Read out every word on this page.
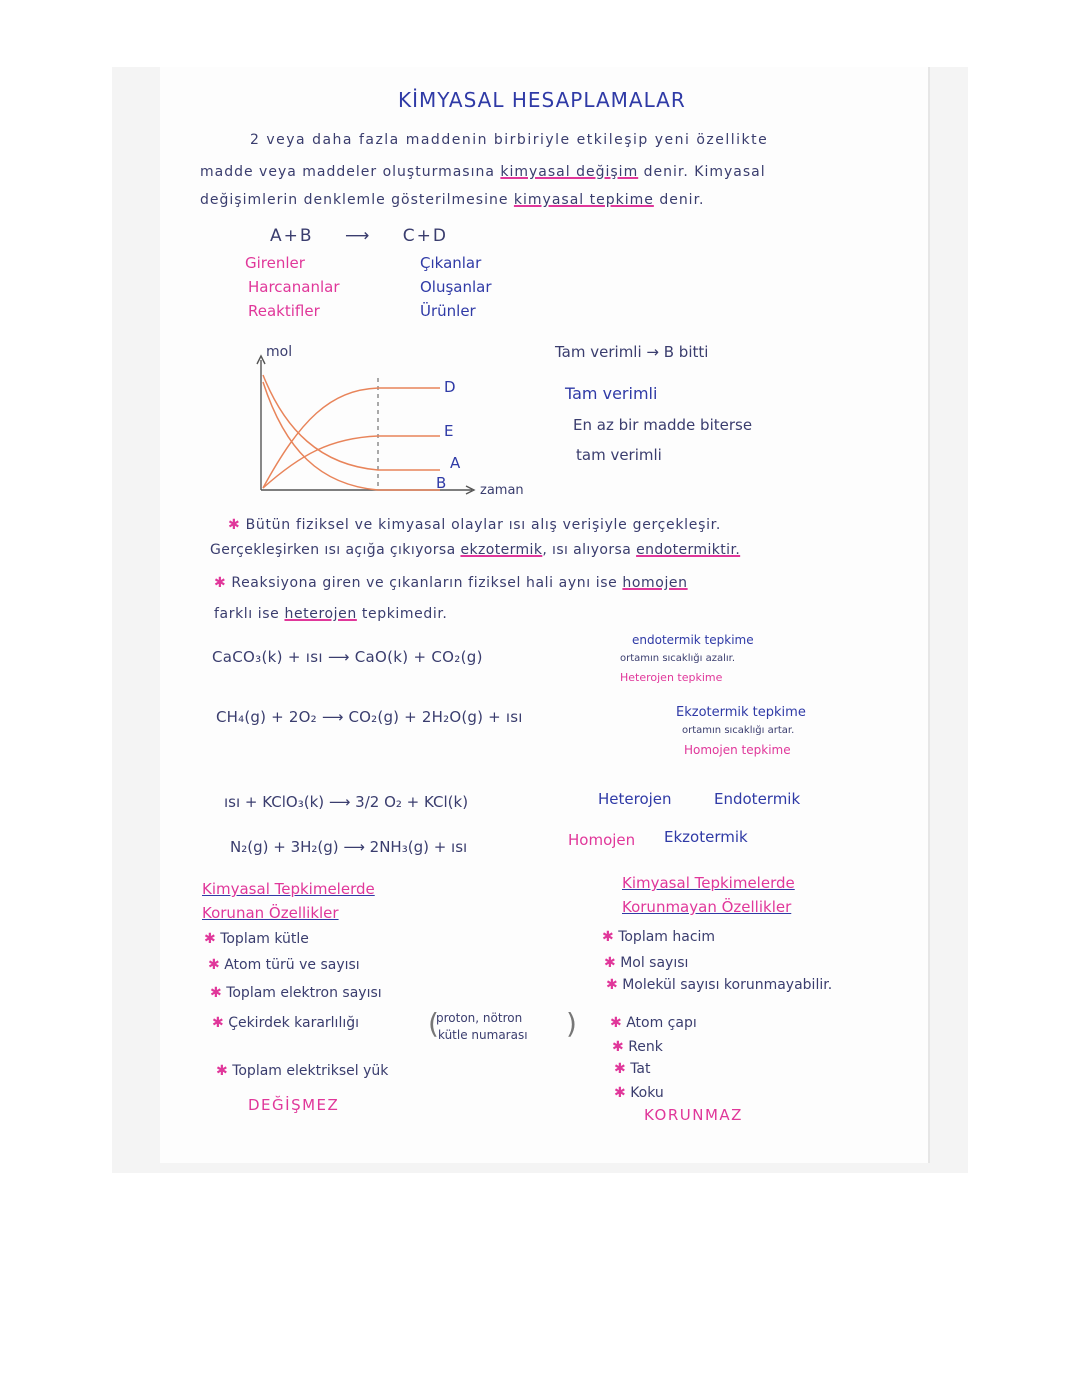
KİMYASAL HESAPLAMALAR
2 veya daha fazla maddenin birbiriyle etkileşip yeni özellikte
madde veya maddeler oluşturmasına kimyasal değişim denir. Kimyasal
değişimlerin denklemle gösterilmesine kimyasal tepkime denir.
A+B ⟶ C+D
Girenler
Harcananlar
Reaktifler
Çıkanlar
Oluşanlar
Ürünler
mol
zaman
D
E
A
B
Tam verimli → B bitti
Tam verimli
En az bir madde biterse
tam verimli
✱ Bütün fiziksel ve kimyasal olaylar ısı alış verişiyle gerçekleşir.
Gerçekleşirken ısı açığa çıkıyorsa ekzotermik, ısı alıyorsa endotermiktir.
✱ Reaksiyona giren ve çıkanların fiziksel hali aynı ise homojen
farklı ise heterojen tepkimedir.
CaCO₃(k) + ısı ⟶ CaO(k) + CO₂(g)
endotermik tepkime
ortamın sıcaklığı azalır.
Heterojen tepkime
CH₄(g) + 2O₂ ⟶ CO₂(g) + 2H₂O(g) + ısı	Ekzotermik tepkime
ortamın sıcaklığı artar.
Homojen tepkime
ısı + KClO₃(k) ⟶ 3/2 O₂ + KCl(k)	Heterojen	Endotermik
N₂(g) + 3H₂(g) ⟶ 2NH₃(g) + ısı	Homojen Ekzotermik
Kimyasal Tepkimelerde
Korunan Özellikler
✱ Toplam kütle
✱ Atom türü ve sayısı
✱ Toplam elektron sayısı
✱ Çekirdek kararlılığı	proton, nötron
kütle numarası
(	)
✱ Toplam elektriksel yük
DEĞİŞMEZ
Kimyasal Tepkimelerde
Korunmayan Özellikler
✱ Toplam hacim
✱ Mol sayısı
✱ Molekül sayısı korunmayabilir.
✱ Atom çapı
✱ Renk
✱ Tat
✱ Koku
KORUNMAZ
